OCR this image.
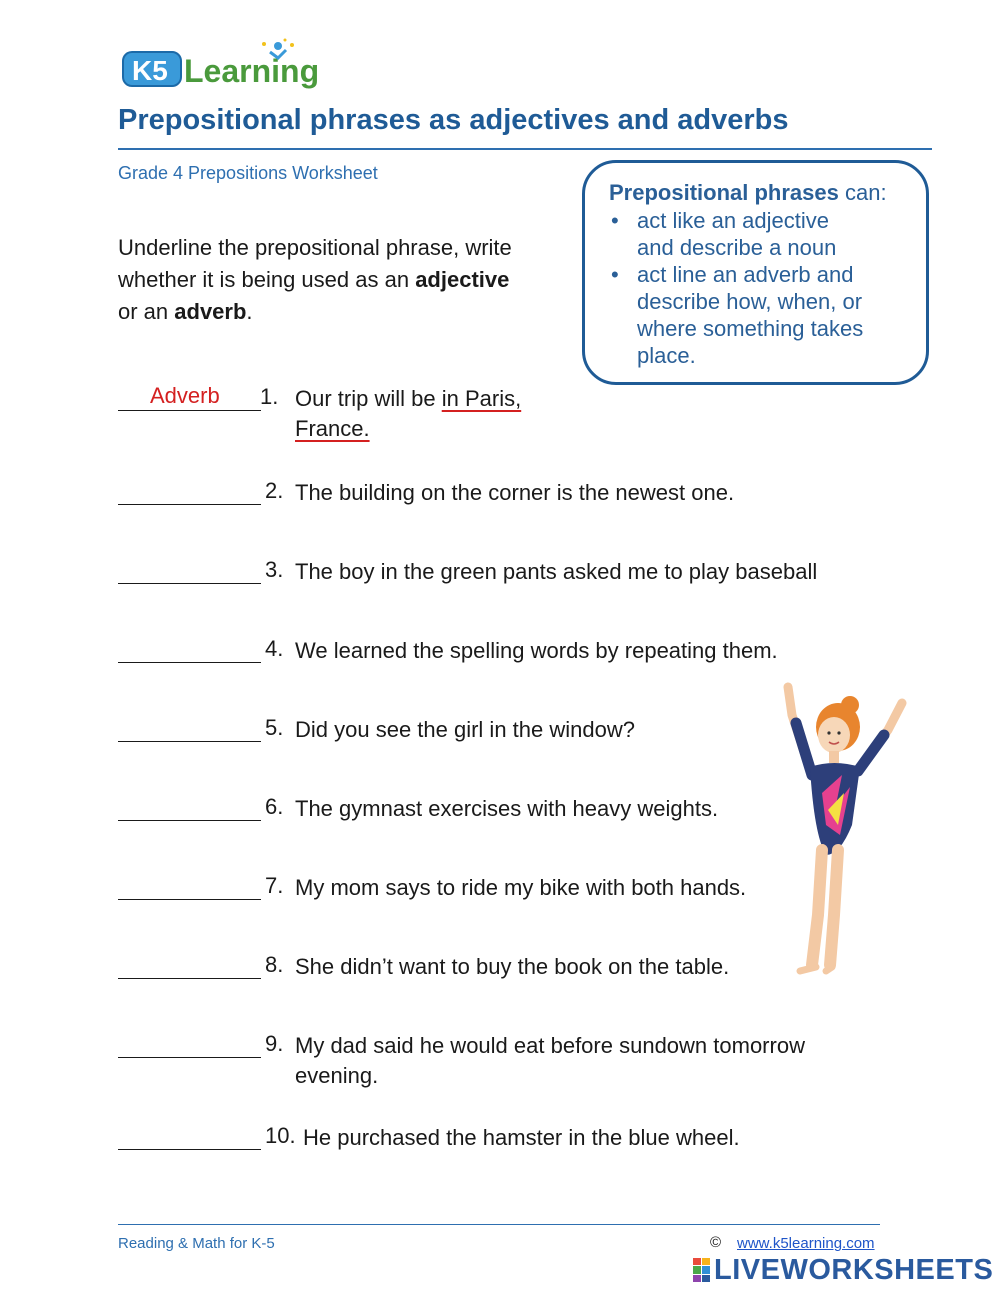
K5 Learning
Prepositional phrases as adjectives and adverbs
Grade 4 Prepositions Worksheet
Prepositional phrases can:
• act like an adjective
and describe a noun
• act line an adverb and
describe how, when, or
where something takes
place.
Underline the prepositional phrase, write
whether it is being used as an adjective
or an adverb.
Adverb 1. Our trip will be in Paris,
France.
2. The building on the corner is the newest one.
3. The boy in the green pants asked me to play baseball
4. We learned the spelling words by repeating them.
5. Did you see the girl in the window?
6. The gymnast exercises with heavy weights.
7. My mom says to ride my bike with both hands.
8. She didn’t want to buy the book on the table.
9. My dad said he would eat before sundown tomorrow
evening.
10. He purchased the hamster in the blue wheel.
Reading & Math for K-5	© www.k5learning.com
LIVEWORKSHEETS
